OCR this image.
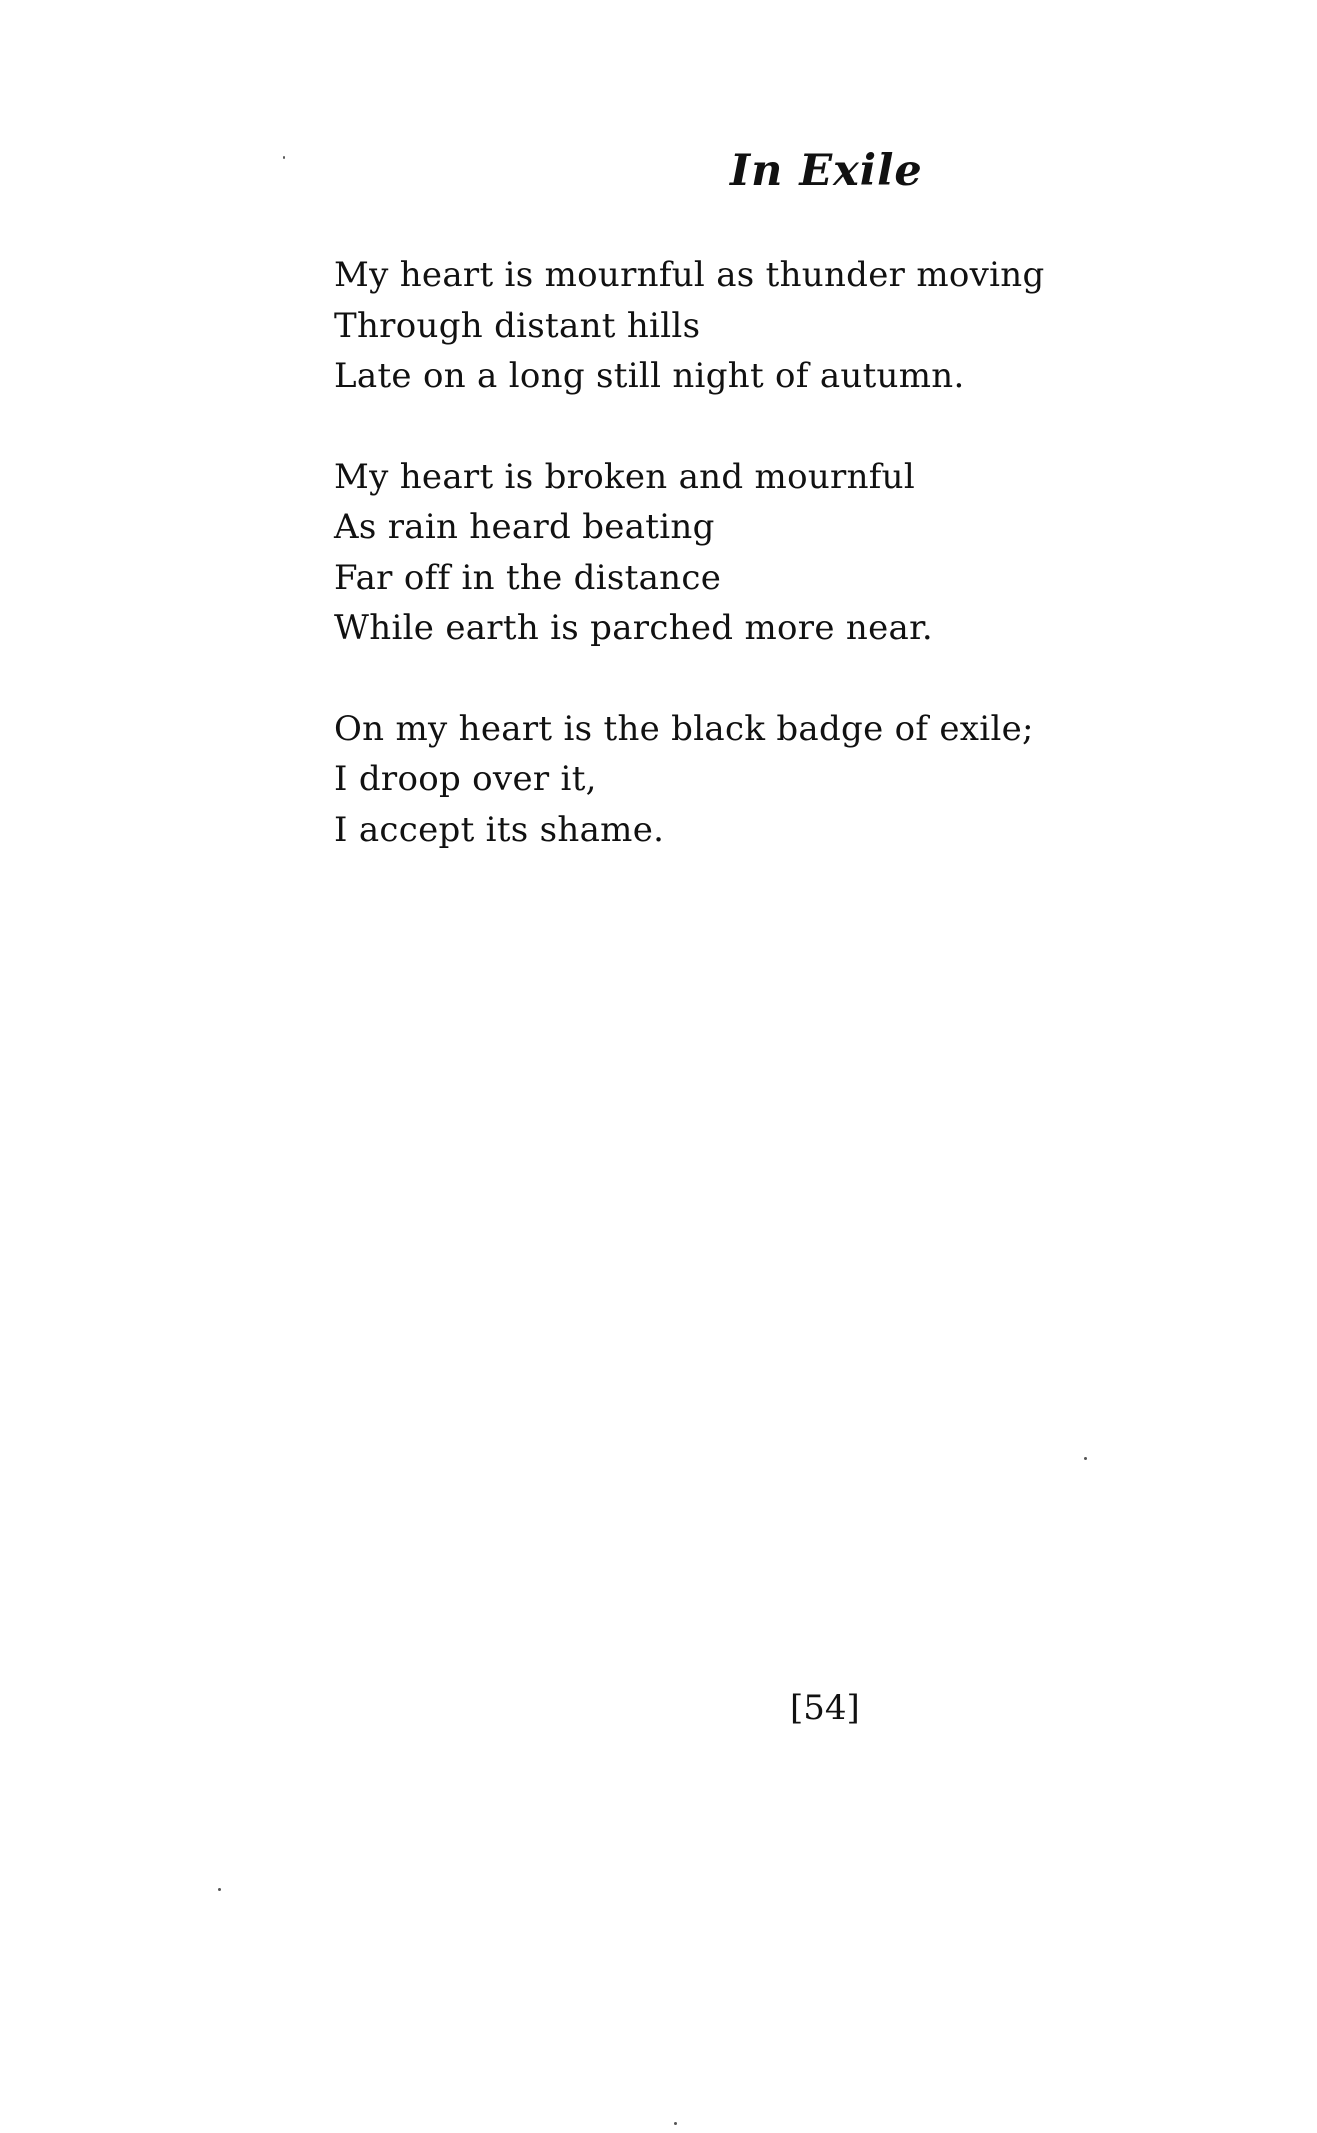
In Exile
My heart is mournful as thunder moving
Through distant hills
Late on a long still night of autumn.
My heart is broken and mournful
As rain heard beating
Far off in the distance
While earth is parched more near.
On my heart is the black badge of exile;
I droop over it,
I accept its shame.

[54]
